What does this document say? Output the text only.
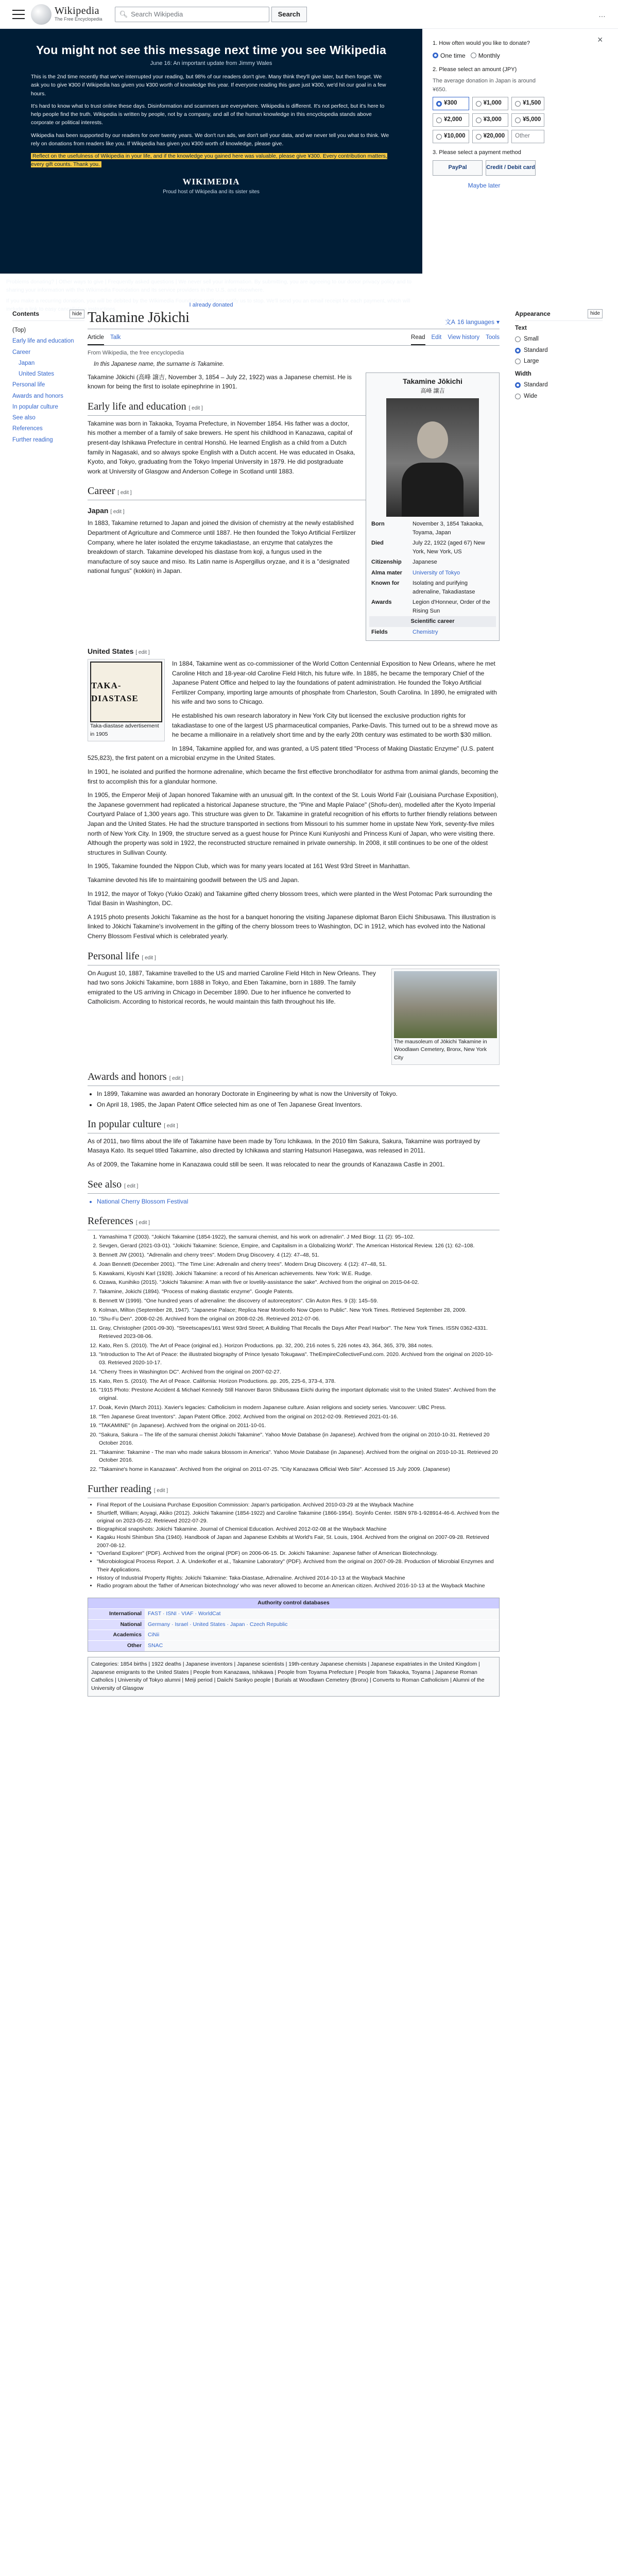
Wikipedia
The Free Encyclopedia
🔍︎ Search Wikipedia	Search	…
You might not see this message next time you see Wikipedia
June 16: An important update from Jimmy Wales

This is the 2nd time recently that we've interrupted your reading, but 98% of our readers don't give. Many think they'll give later, but then forget. We ask you to give ¥300 if Wikipedia has given you ¥300 worth of knowledge this year. If everyone reading this gave just ¥300, we'd hit our goal in a few hours.

It's hard to know what to trust online these days. Disinformation and scammers are everywhere. Wikipedia is different. It's not perfect, but it's here to help people find the truth. Wikipedia is written by people, not by a company, and all of the human knowledge in this encyclopedia stands above corporate or political interests.

Wikipedia has been supported by our readers for over twenty years. We don't run ads, we don't sell your data, and we never tell you what to think. We rely on donations from readers like you. If Wikipedia has given you ¥300 worth of knowledge, please give.

Reflect on the usefulness of Wikipedia in your life, and if the knowledge you gained here was valuable, please give ¥300. Every contribution matters, every gift counts. Thank you.

WIKIMEDIA
Proud host of Wikipedia and its sister sites

Problems donating? | Other ways to give | Frequently asked questions | We never sell your information. By submitting, you are agreeing to our donor privacy policy and to sharing your information with the Wikimedia Foundation and its service providers in the U.S. and elsewhere.

If you make a recurring donation, you will be debited by the Wikimedia Foundation until you notify us to stop. We'll send you an email receipt for each payment, which will include a link to easy cancellation instructions.

1. How often would you like to donate?
One time Monthly
2. Please select an amount (JPY)
The average donation in Japan is around ¥650.
¥300	¥1,000	¥1,500
¥2,000	¥3,000	¥5,000
¥10,000	¥20,000	Other
3. Please select a payment method
PayPal	Credit / Debit card
Maybe later
×
I already donated
Contents	hide
(Top)
Early life and education
Career
Japan
United States
Personal life
Awards and honors
In popular culture
See also
References
Further reading
Appearance	hide
Text
Small
Standard
Large
Width
Standard
Wide
Takamine Jōkichi	文A 16 languages ▾
Article Talk	Read Edit View history Tools
From Wikipedia, the free encyclopedia
In this Japanese name, the surname is Takamine.
Takamine Jōkichi
高峰 譲吉
Born	November 3, 1854 Takaoka, Toyama, Japan
Died	July 22, 1922 (aged 67) New York, New York, US
Citizenship	Japanese
Alma mater	University of Tokyo
Known for	Isolating and purifying adrenaline, Takadiastase
Awards	Legion d'Honneur, Order of the Rising Sun
Scientific career	
Fields	Chemistry

Takamine Jōkichi (高峰 譲吉, November 3, 1854 – July 22, 1922) was a Japanese chemist. He is known for being the first to isolate epinephrine in 1901.

Early life and education [ edit ]

Takamine was born in Takaoka, Toyama Prefecture, in November 1854. His father was a doctor, his mother a member of a family of sake brewers. He spent his childhood in Kanazawa, capital of present-day Ishikawa Prefecture in central Honshū. He learned English as a child from a Dutch family in Nagasaki, and so always spoke English with a Dutch accent. He was educated in Osaka, Kyoto, and Tokyo, graduating from the Tokyo Imperial University in 1879. He did postgraduate work at University of Glasgow and Anderson College in Scotland until 1883.

Career [ edit ]
Japan [ edit ]

In 1883, Takamine returned to Japan and joined the division of chemistry at the newly established Department of Agriculture and Commerce until 1887. He then founded the Tokyo Artificial Fertilizer Company, where he later isolated the enzyme takadiastase, an enzyme that catalyzes the breakdown of starch. Takamine developed his diastase from koji, a fungus used in the manufacture of soy sauce and miso. Its Latin name is Aspergillus oryzae, and it is a "designated national fungus" (kokkin) in Japan.

United States [ edit ]
TAKA-DIASTASE
Taka-diastase advertisement in 1905

In 1884, Takamine went as co-commissioner of the World Cotton Centennial Exposition to New Orleans, where he met Caroline Hitch and 18-year-old Caroline Field Hitch, his future wife. In 1885, he became the temporary Chief of the Japanese Patent Office and helped to lay the foundations of patent administration. He founded the Tokyo Artificial Fertilizer Company, importing large amounts of phosphate from Charleston, South Carolina. In 1890, he emigrated with his wife and two sons to Chicago.

He established his own research laboratory in New York City but licensed the exclusive production rights for takadiastase to one of the largest US pharmaceutical companies, Parke-Davis. This turned out to be a shrewd move as he became a millionaire in a relatively short time and by the early 20th century was estimated to be worth $30 million.

In 1894, Takamine applied for, and was granted, a US patent titled "Process of Making Diastatic Enzyme" (U.S. patent 525,823), the first patent on a microbial enzyme in the United States.

In 1901, he isolated and purified the hormone adrenaline, which became the first effective bronchodilator for asthma from animal glands, becoming the first to accomplish this for a glandular hormone.

In 1905, the Emperor Meiji of Japan honored Takamine with an unusual gift. In the context of the St. Louis World Fair (Louisiana Purchase Exposition), the Japanese government had replicated a historical Japanese structure, the "Pine and Maple Palace" (Shofu-den), modelled after the Kyoto Imperial Courtyard Palace of 1,300 years ago. This structure was given to Dr. Takamine in grateful recognition of his efforts to further friendly relations between Japan and the United States. He had the structure transported in sections from Missouri to his summer home in upstate New York, seventy-five miles north of New York City. In 1909, the structure served as a guest house for Prince Kuni Kuniyoshi and Princess Kuni of Japan, who were visiting there. Although the property was sold in 1922, the reconstructed structure remained in private ownership. In 2008, it still continues to be one of the oldest structures in Sullivan County.

In 1905, Takamine founded the Nippon Club, which was for many years located at 161 West 93rd Street in Manhattan.

Takamine devoted his life to maintaining goodwill between the US and Japan.

In 1912, the mayor of Tokyo (Yukio Ozaki) and Takamine gifted cherry blossom trees, which were planted in the West Potomac Park surrounding the Tidal Basin in Washington, DC.

A 1915 photo presents Jokichi Takamine as the host for a banquet honoring the visiting Japanese diplomat Baron Eiichi Shibusawa. This illustration is linked to Jōkichi Takamine's involvement in the gifting of the cherry blossom trees to Washington, DC in 1912, which has evolved into the National Cherry Blossom Festival which is celebrated yearly.

Personal life [ edit ]
The mausoleum of Jōkichi Takamine in Woodlawn Cemetery, Bronx, New York City

On August 10, 1887, Takamine travelled to the US and married Caroline Field Hitch in New Orleans. They had two sons Jokichi Takamine, born 1888 in Tokyo, and Eben Takamine, born in 1889. The family emigrated to the US arriving in Chicago in December 1890. Due to her influence he converted to Catholicism. According to historical records, he would maintain this faith throughout his life.

Awards and honors [ edit ]
• In 1899, Takamine was awarded an honorary Doctorate in Engineering by what is now the University of Tokyo.
• On April 18, 1985, the Japan Patent Office selected him as one of Ten Japanese Great Inventors.
In popular culture [ edit ]

As of 2011, two films about the life of Takamine have been made by Toru Ichikawa. In the 2010 film Sakura, Sakura, Takamine was portrayed by Masaya Kato. Its sequel titled Takamine, also directed by Ichikawa and starring Hatsunori Hasegawa, was released in 2011.

As of 2009, the Takamine home in Kanazawa could still be seen. It was relocated to near the grounds of Kanazawa Castle in 2001.

See also [ edit ]
• National Cherry Blossom Festival
References [ edit ]
1. Yamashima T (2003). "Jokichi Takamine (1854-1922), the samurai chemist, and his work on adrenalin". J Med Biogr. 11 (2): 95–102.
2. Sevgen, Gerard (2021-03-01). "Jokichi Takamine: Science, Empire, and Capitalism in a Globalizing World". The American Historical Review. 126 (1): 62–108.
3. Bennett JW (2001). "Adrenalin and cherry trees". Modern Drug Discovery. 4 (12): 47–48, 51.
4. Joan Bennett (December 2001). "The Time Line: Adrenalin and cherry trees". Modern Drug Discovery. 4 (12): 47–48, 51.
5. Kawakami, Kiyoshi Karl (1928). Jokichi Takamine: a record of his American achievements. New York: W.E. Rudge.
6. Ozawa, Kunihiko (2015). "Jokichi Takamine: A man with five or lovelily-assistance the sake". Archived from the original on 2015-04-02.
7. Takamine, Jokichi (1894). "Process of making diastatic enzyme". Google Patents.
8. Bennett W (1999). "One hundred years of adrenaline: the discovery of autoreceptors". Clin Auton Res. 9 (3): 145–59.
9. Kolman, Milton (September 28, 1947). "Japanese Palace; Replica Near Monticello Now Open to Public". New York Times. Retrieved September 28, 2009.
10. "Shu-Fu Den". 2008-02-26. Archived from the original on 2008-02-26. Retrieved 2012-07-06.
11. Gray, Christopher (2001-09-30). "Streetscapes/161 West 93rd Street; A Building That Recalls the Days After Pearl Harbor". The New York Times. ISSN 0362-4331. Retrieved 2023-08-06.
12. Kato, Ren S. (2010). The Art of Peace (original ed.). Horizon Productions. pp. 32, 200, 216 notes 5, 226 notes 43, 364, 365, 379, 384 notes.
13. "Introduction to The Art of Peace: the illustrated biography of Prince Iyesato Tokugawa". TheEmpireCollectiveFund.com. 2020. Archived from the original on 2020-10-03. Retrieved 2020-10-17.
14. "Cherry Trees in Washington DC". Archived from the original on 2007-02-27.
15. Kato, Ren S. (2010). The Art of Peace. California: Horizon Productions. pp. 205, 225-6, 373-4, 378.
16. "1915 Photo: Prestone Accident & Michael Kennedy Still Hanover Baron Shibusawa Eiichi during the important diplomatic visit to the United States". Archived from the original.
17. Doak, Kevin (March 2011). Xavier's legacies: Catholicism in modern Japanese culture. Asian religions and society series. Vancouver: UBC Press.
18. "Ten Japanese Great Inventors". Japan Patent Office. 2002. Archived from the original on 2012-02-09. Retrieved 2021-01-16.
19. "TAKAMINE" (in Japanese). Archived from the original on 2011-10-01.
20. "Sakura, Sakura – The life of the samurai chemist Jokichi Takamine". Yahoo Movie Database (in Japanese). Archived from the original on 2010-10-31. Retrieved 20 October 2016.
21. "Takamine: Takamine - The man who made sakura blossom in America". Yahoo Movie Database (in Japanese). Archived from the original on 2010-10-31. Retrieved 20 October 2016.
22. "Takamine's home in Kanazawa". Archived from the original on 2011-07-25. "City Kanazawa Official Web Site". Accessed 15 July 2009. (Japanese)
Further reading [ edit ]
• Final Report of the Louisiana Purchase Exposition Commission: Japan's participation. Archived 2010-03-29 at the Wayback Machine
• Shurtleff, William; Aoyagi, Akiko (2012). Jokichi Takamine (1854-1922) and Caroline Takamine (1866-1954). Soyinfo Center. ISBN 978-1-928914-46-6. Archived from the original on 2023-05-22. Retrieved 2022-07-29.
• Biographical snapshots: Jokichi Takamine. Journal of Chemical Education. Archived 2012-02-08 at the Wayback Machine
• Kagaku Hoshi Shimbun Sha (1940). Handbook of Japan and Japanese Exhibits at World's Fair, St. Louis, 1904. Archived from the original on 2007-09-28. Retrieved 2007-08-12.
• "Overland Explorer" (PDF). Archived from the original (PDF) on 2006-06-15. Dr. Jokichi Takamine: Japanese father of American Biotechnology.
• "Microbiological Process Report. J. A. Underkofler et al., Takamine Laboratory" (PDF). Archived from the original on 2007-09-28. Production of Microbial Enzymes and Their Applications.
• History of Industrial Property Rights: Jokichi Takamine: Taka-Diastase, Adrenaline. Archived 2014-10-13 at the Wayback Machine
• Radio program about the 'father of American biotechnology' who was never allowed to become an American citizen. Archived 2016-10-13 at the Wayback Machine
Authority control databases
International	FAST · ISNI · VIAF · WorldCat
National	Germany · Israel · United States · Japan · Czech Republic
Academics	CiNii
Other	SNAC
Categories: 1854 births | 1922 deaths | Japanese inventors | Japanese scientists | 19th-century Japanese chemists | Japanese expatriates in the United Kingdom | Japanese emigrants to the United States | People from Kanazawa, Ishikawa | People from Toyama Prefecture | People from Takaoka, Toyama | Japanese Roman Catholics | University of Tokyo alumni | Meiji period | Daiichi Sankyo people | Burials at Woodlawn Cemetery (Bronx) | Converts to Roman Catholicism | Alumni of the University of Glasgow
